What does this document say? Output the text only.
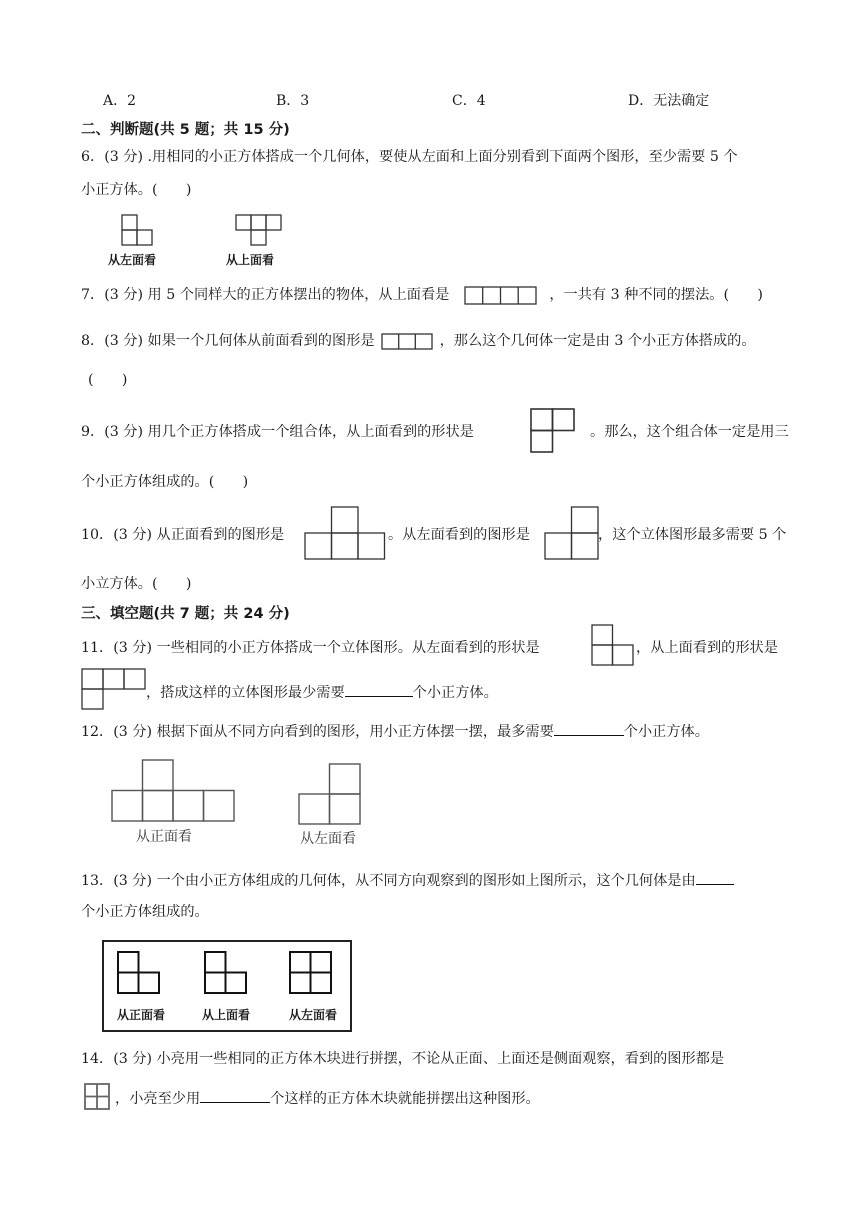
A．2	B．3	C．4	D．无法确定
二、判断题(共 5 题；共 15 分)
6．(3 分) .用相同的小正方体搭成一个几何体，要使从左面和上面分别看到下面两个图形，至少需要 5 个
小正方体。(　　)
从左面看	从上面看
7．(3 分) 用 5 个同样大的正方体摆出的物体，从上面看是	，一共有 3 种不同的摆法。(　　)
8．(3 分) 如果一个几何体从前面看到的图形是	，那么这个几何体一定是由 3 个小正方体搭成的。
(　　)
9．(3 分) 用几个正方体搭成一个组合体，从上面看到的形状是	。那么，这个组合体一定是用三
个小正方体组成的。(　　)
10．(3 分) 从正面看到的图形是	。从左面看到的图形是	，这个立体图形最多需要 5 个
小立方体。(　　)
三、填空题(共 7 题；共 24 分)
11．(3 分) 一些相同的小正方体搭成一个立体图形。从左面看到的形状是	，从上面看到的形状是
，搭成这样的立体图形最少需要	个小正方体。
12．(3 分) 根据下面从不同方向看到的图形，用小正方体摆一摆，最多需要	个小正方体。
从正面看	从左面看
13．(3 分) 一个由小正方体组成的几何体，从不同方向观察到的图形如上图所示，这个几何体是由
个小正方体组成的。
从正面看	从上面看	从左面看
14．(3 分) 小亮用一些相同的正方体木块进行拼摆，不论从正面、上面还是侧面观察，看到的图形都是
，小亮至少用	个这样的正方体木块就能拼摆出这种图形。
